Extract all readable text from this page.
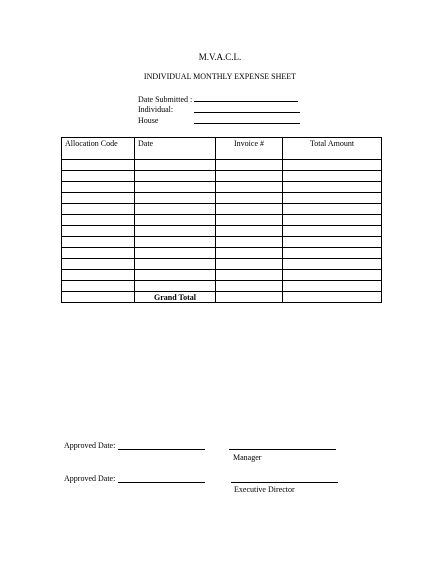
M.V.A.C.L.
INDIVIDUAL MONTHLY EXPENSE SHEET
Date Submitted :
Individual:
House
Allocation Code	Date	Invoice #	Total Amount

	Grand Total		
Approved Date:
Manager
Approved Date:
Executive Director
